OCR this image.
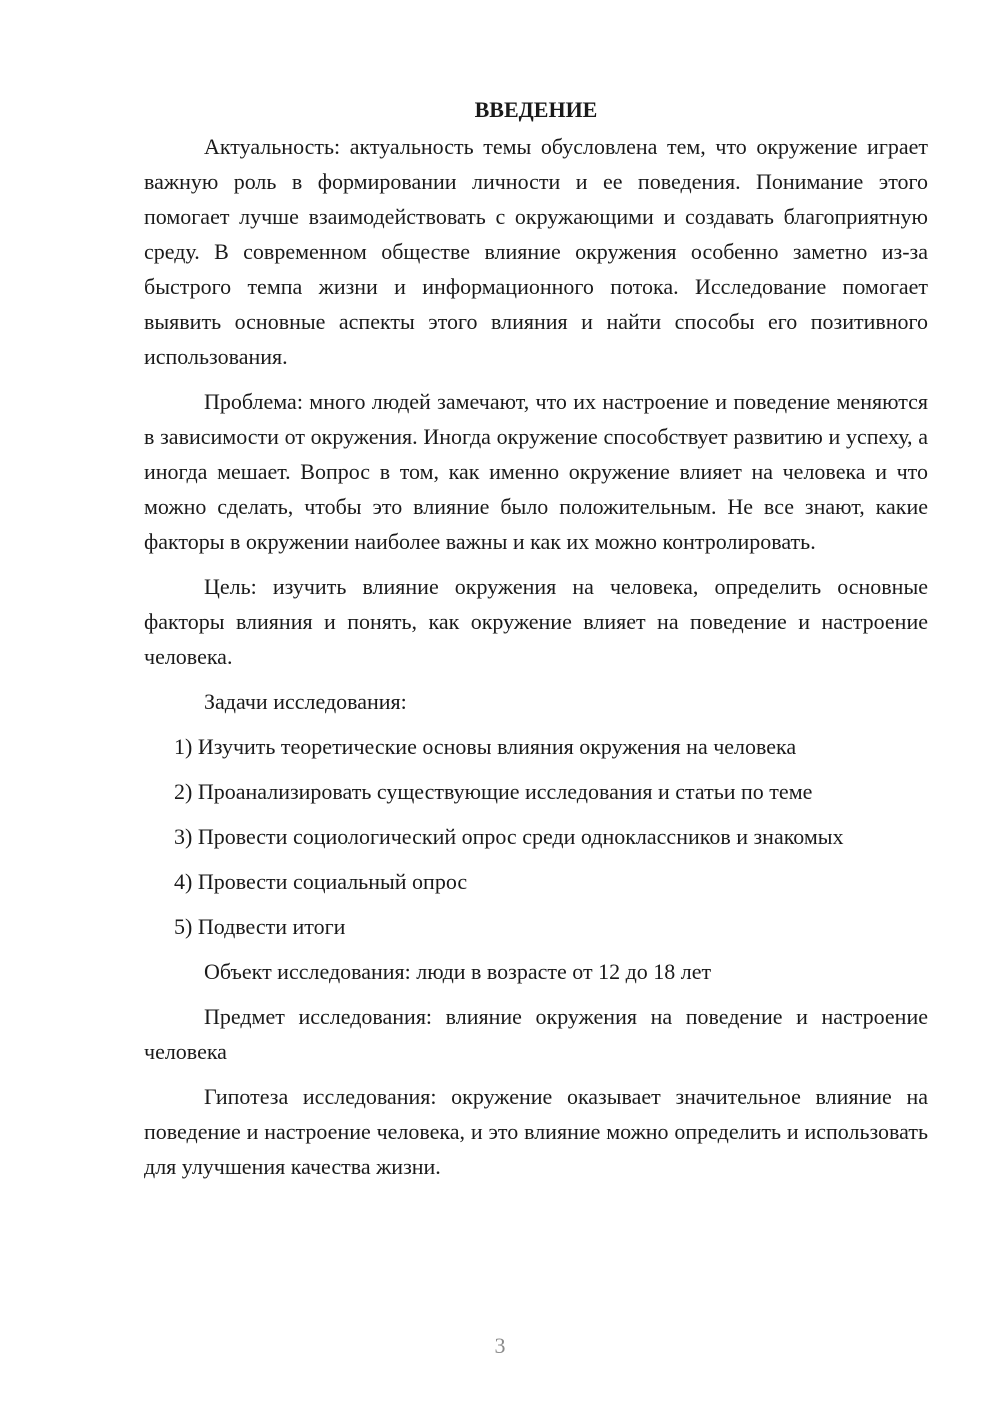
ВВЕДЕНИЕ

Актуальность: актуальность темы обусловлена тем, что окружение играет важную роль в формировании личности и ее поведения. Понимание этого помогает лучше взаимодействовать с окружающими и создавать благоприятную среду. В современном обществе влияние окружения особенно заметно из-за быстрого темпа жизни и информационного потока. Исследование помогает выявить основные аспекты этого влияния и найти способы его позитивного использования.

Проблема: много людей замечают, что их настроение и поведение меняются в зависимости от окружения. Иногда окружение способствует развитию и успеху, а иногда мешает. Вопрос в том, как именно окружение влияет на человека и что можно сделать, чтобы это влияние было положительным. Не все знают, какие факторы в окружении наиболее важны и как их можно контролировать.

Цель: изучить влияние окружения на человека, определить основные факторы влияния и понять, как окружение влияет на поведение и настроение человека.

Задачи исследования:

1) Изучить теоретические основы влияния окружения на человека

2) Проанализировать существующие исследования и статьи по теме

3) Провести социологический опрос среди одноклассников и знакомых

4) Провести социальный опрос

5) Подвести итоги

Объект исследования: люди в возрасте от 12 до 18 лет

Предмет исследования: влияние окружения на поведение и настроение человека

Гипотеза исследования: окружение оказывает значительное влияние на поведение и настроение человека, и это влияние можно определить и использовать для улучшения качества жизни.

3
